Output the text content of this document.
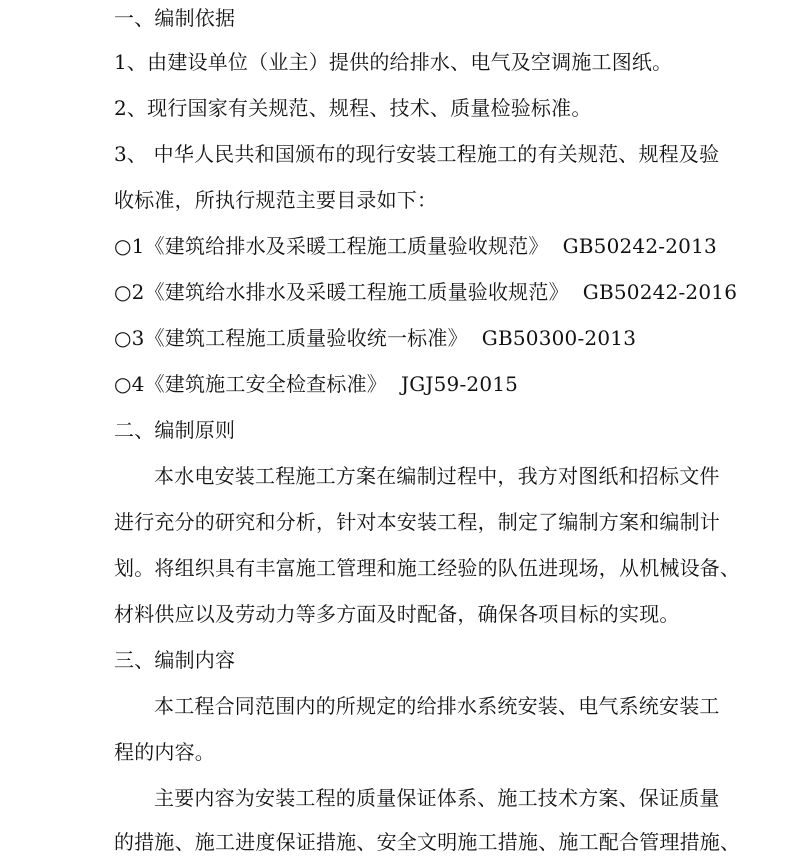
一、编制依据
1、由建设单位（业主）提供的给排水、电气及空调施工图纸。
2、现行国家有关规范、规程、技术、质量检验标准。
3、 中华人民共和国颁布的现行安装工程施工的有关规范、规程及验
收标准，所执行规范主要目录如下：
○1《建筑给排水及采暖工程施工质量验收规范》 GB50242-2013
○2《建筑给水排水及采暖工程施工质量验收规范》 GB50242-2016
○3《建筑工程施工质量验收统一标准》 GB50300-2013
○4《建筑施工安全检查标准》 JGJ59-2015
二、编制原则
本水电安装工程施工方案在编制过程中，我方对图纸和招标文件
进行充分的研究和分析，针对本安装工程，制定了编制方案和编制计
划。将组织具有丰富施工管理和施工经验的队伍进现场，从机械设备、
材料供应以及劳动力等多方面及时配备，确保各项目标的实现。
三、编制内容
本工程合同范围内的所规定的给排水系统安装、电气系统安装工
程的内容。
主要内容为安装工程的质量保证体系、施工技术方案、保证质量
的措施、施工进度保证措施、安全文明施工措施、施工配合管理措施、
